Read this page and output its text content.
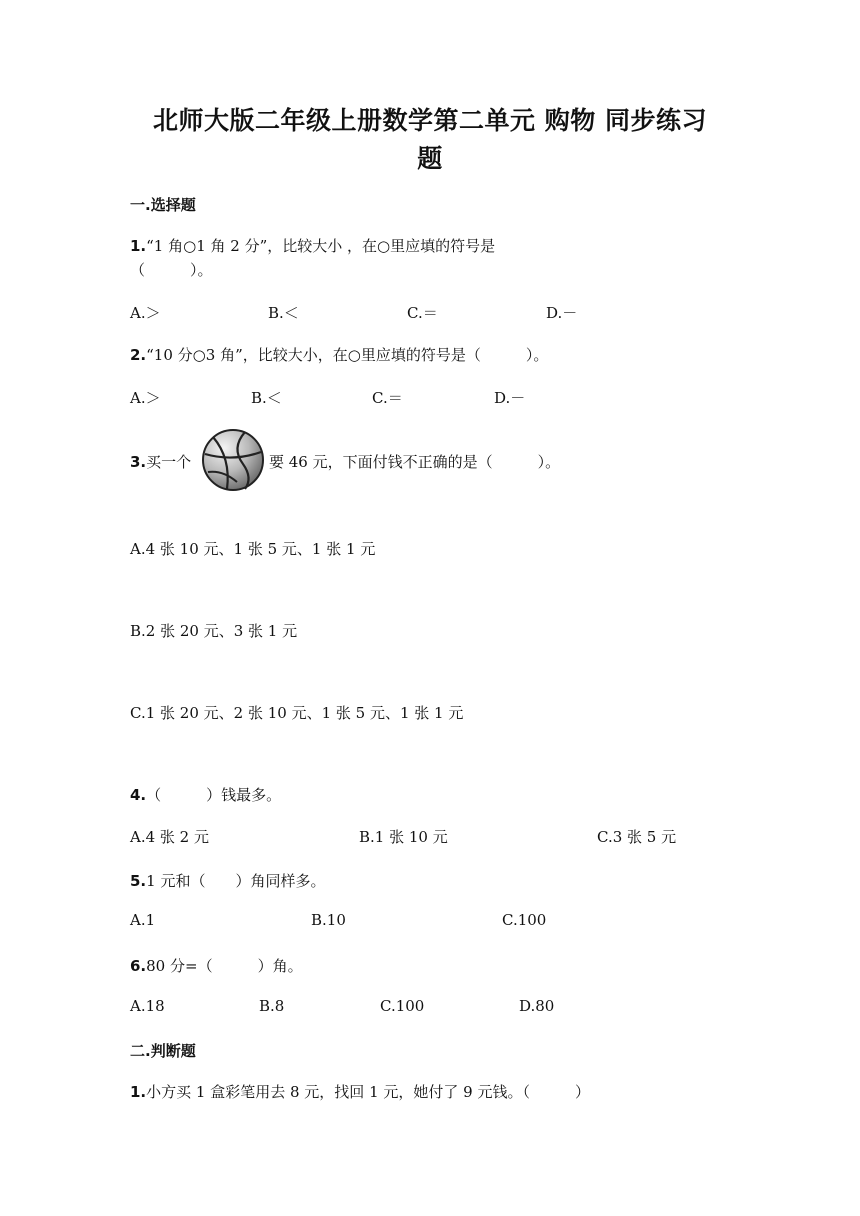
北师大版二年级上册数学第二单元 购物 同步练习
题
一.选择题
1.“1 角○1 角 2 分”，比较大小 ，在○里应填的符号是
（　　　）。
A.＞	B.＜	C.＝	D.－
2.“10 分○3 角”，比较大小，在○里应填的符号是（　　　）。
A.＞	B.＜	C.＝	D.－
3.买一个	要 46 元，下面付钱不正确的是（　　　）。
A.4 张 10 元、1 张 5 元、1 张 1 元
B.2 张 20 元、3 张 1 元
C.1 张 20 元、2 张 10 元、1 张 5 元、1 张 1 元
4.（　　　）钱最多。
A.4 张 2 元	B.1 张 10 元	C.3 张 5 元
5.1 元和（　　）角同样多。
A.1	B.10	C.100
6.80 分=（　　　）角。
A.18	B.8	C.100	D.80
二.判断题
1.小方买 1 盒彩笔用去 8 元，找回 1 元，她付了 9 元钱。（　　　）
